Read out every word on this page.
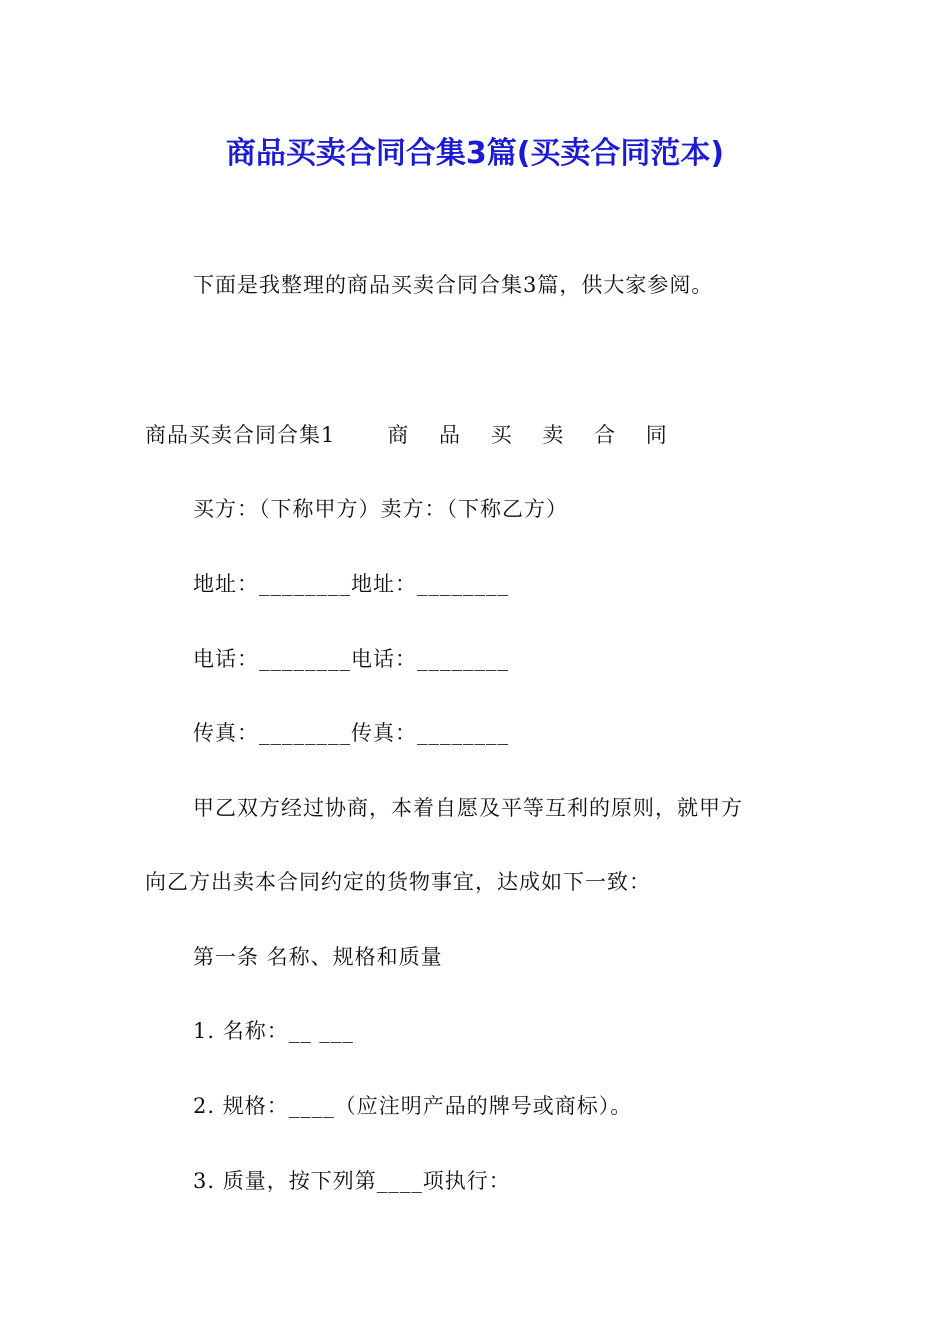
商品买卖合同合集3篇(买卖合同范本)
下面是我整理的商品买卖合同合集3篇，供大家参阅。
商品买卖合同合集1 商 品 买 卖 合 同
买方：（下称甲方）卖方：（下称乙方）
地址：________地址：________
电话：________电话：________
传真：________传真：________
甲乙双方经过协商，本着自愿及平等互利的原则，就甲方
向乙方出卖本合同约定的货物事宜，达成如下一致：
第一条 名称、规格和质量
1. 名称：__ ___
2. 规格：____（应注明产品的牌号或商标）。
3. 质量，按下列第____项执行：
